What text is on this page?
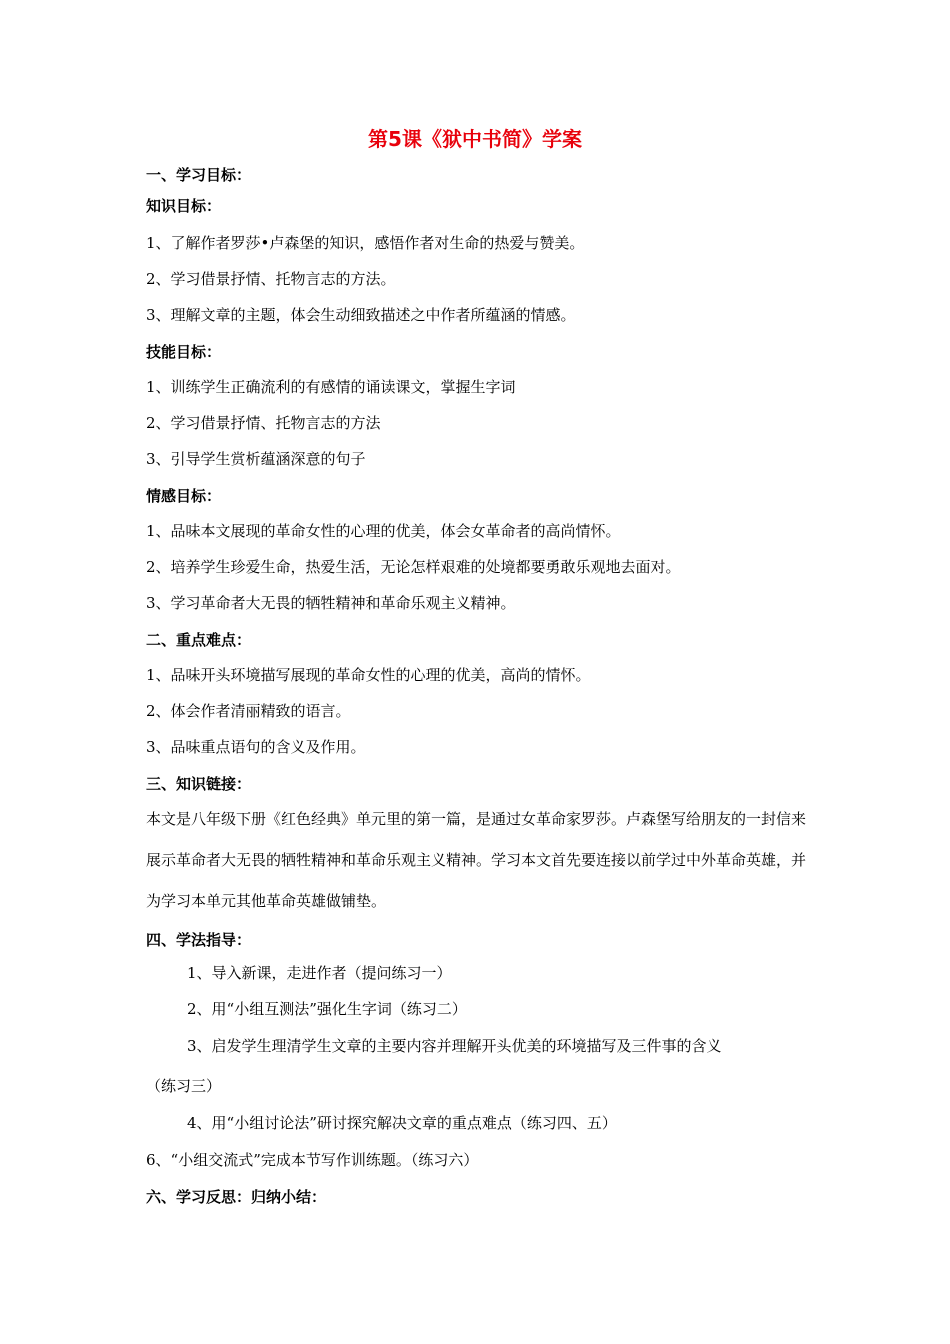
第5课《狱中书简》学案
一、学习目标：
知识目标：
1、了解作者罗莎•卢森堡的知识，感悟作者对生命的热爱与赞美。
2、学习借景抒情、托物言志的方法。
3、理解文章的主题，体会生动细致描述之中作者所蕴涵的情感。
技能目标：
1、训练学生正确流利的有感情的诵读课文，掌握生字词
2、学习借景抒情、托物言志的方法
3、引导学生赏析蕴涵深意的句子
情感目标：
1、品味本文展现的革命女性的心理的优美，体会女革命者的高尚情怀。
2、培养学生珍爱生命，热爱生活，无论怎样艰难的处境都要勇敢乐观地去面对。
3、学习革命者大无畏的牺牲精神和革命乐观主义精神。
二、重点难点：
1、品味开头环境描写展现的革命女性的心理的优美，高尚的情怀。
2、体会作者清丽精致的语言。
3、品味重点语句的含义及作用。
三、知识链接：
本文是八年级下册《红色经典》单元里的第一篇，是通过女革命家罗莎。卢森堡写给朋友的一封信来展示革命者大无畏的牺牲精神和革命乐观主义精神。学习本文首先要连接以前学过中外革命英雄，并为学习本单元其他革命英雄做铺垫。
四、学法指导：
1、导入新课，走进作者（提问练习一）
2、用“小组互测法”强化生字词（练习二）
3、启发学生理清学生文章的主要内容并理解开头优美的环境描写及三件事的含义
（练习三）
4、用“小组讨论法”研讨探究解决文章的重点难点（练习四、五）
6、“小组交流式”完成本节写作训练题。（练习六）
六、学习反思：归纳小结：
